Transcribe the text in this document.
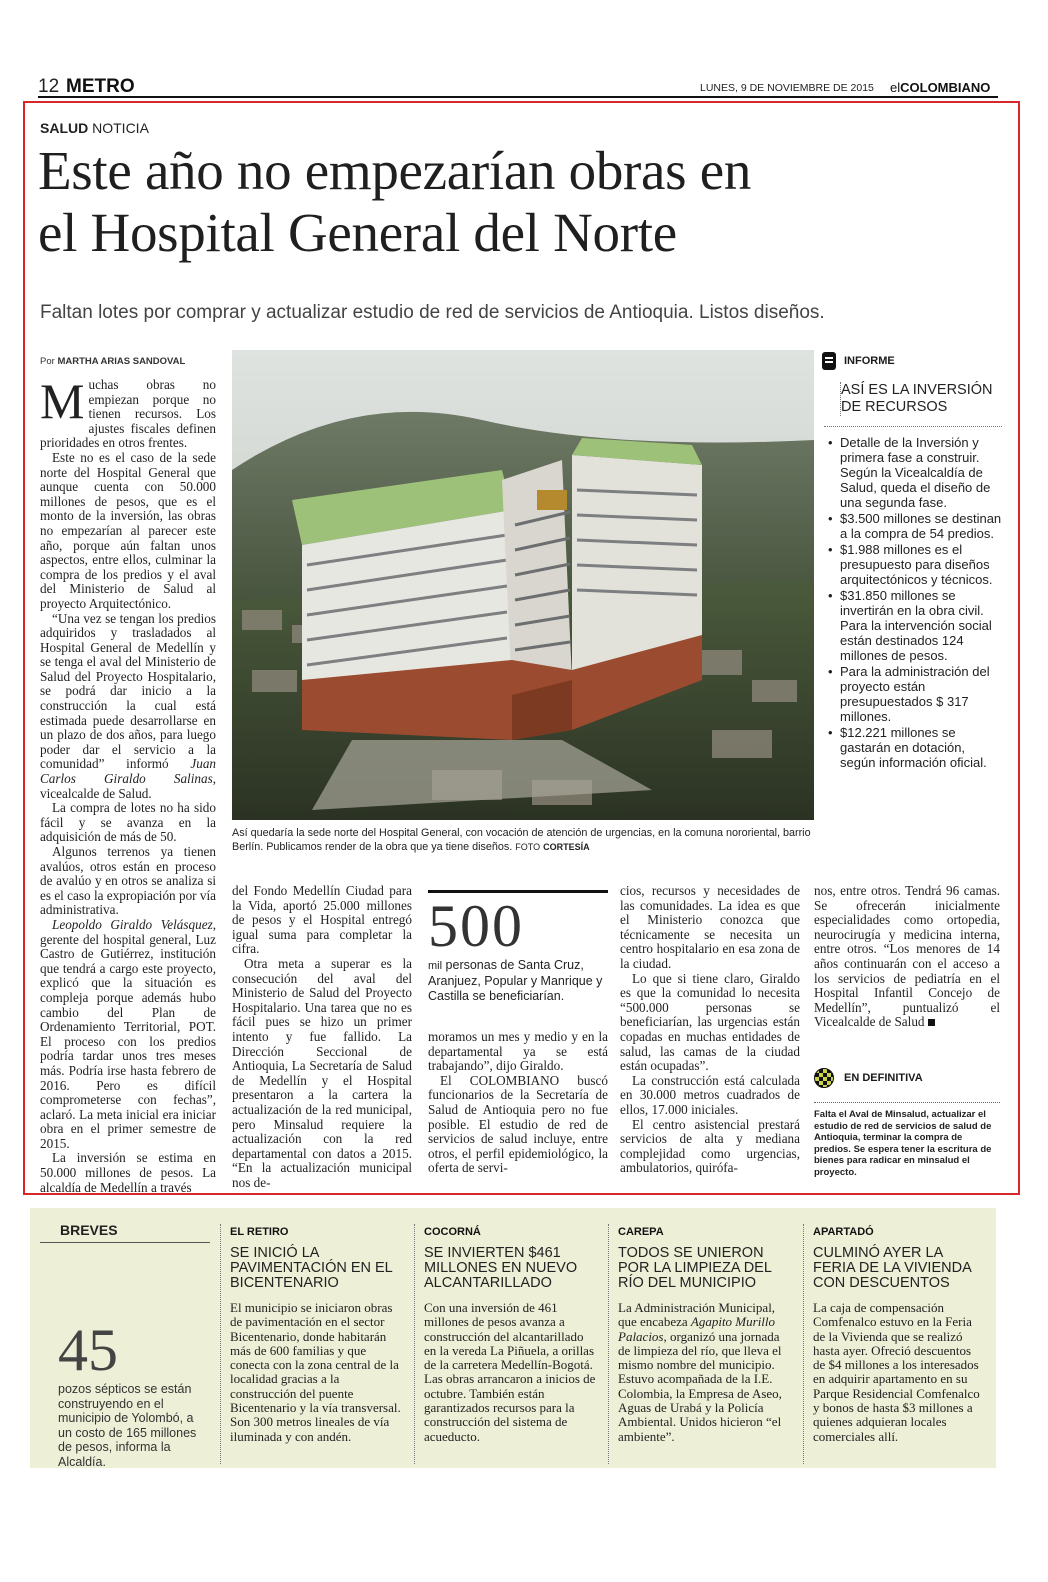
12 METRO	LUNES, 9 DE NOVIEMBRE DE 2015 elCOLOMBIANO
SALUD NOTICIA
Este año no empezarían obras en
el Hospital General del Norte
Faltan lotes por comprar y actualizar estudio de red de servicios de Antioquia. Listos diseños.
Por MARTHA ARIAS SANDOVAL

Muchas obras no empiezan porque no tienen recursos. Los ajustes fiscales definen prioridades en otros frentes.

Este no es el caso de la sede norte del Hospital General que aunque cuenta con 50.000 millones de pesos, que es el monto de la inversión, las obras no empezarían al parecer este año, porque aún faltan unos aspectos, entre ellos, culminar la compra de los predios y el aval del Ministerio de Salud al proyecto Arquitectónico.

“Una vez se tengan los predios adquiridos y trasladados al Hospital General de Medellín y se tenga el aval del Ministerio de Salud del Proyecto Hospitalario, se podrá dar inicio a la construcción la cual está estimada puede desarrollarse en un plazo de dos años, para luego poder dar el servicio a la comunidad” informó Juan Carlos Giraldo Salinas, vicealcalde de Salud.

La compra de lotes no ha sido fácil y se avanza en la adquisición de más de 50.

Algunos terrenos ya tienen avalúos, otros están en proceso de avalúo y en otros se analiza si es el caso la expropiación por vía administrativa.

Leopoldo Giraldo Velásquez, gerente del hospital general, Luz Castro de Gutiérrez, institución que tendrá a cargo este proyecto, explicó que la situación es compleja porque además hubo cambio del Plan de Ordenamiento Territorial, POT. El proceso con los predios podría tardar unos tres meses más. Podría irse hasta febrero de 2016. Pero es difícil comprometerse con fechas”, aclaró. La meta inicial era iniciar obra en el primer semestre de 2015.

La inversión se estima en 50.000 millones de pesos. La alcaldía de Medellín a través

Así quedaría la sede norte del Hospital General, con vocación de atención de urgencias, en la comuna nororiental, barrio Berlín. Publicamos render de la obra que ya tiene diseños. FOTO CORTESÍA
INFORME
ASÍ ES LA INVERSIÓN DE RECURSOS
• Detalle de la Inversión y primera fase a construir. Según la Vicealcaldía de Salud, queda el diseño de una segunda fase.
• $3.500 millones se destinan a la compra de 54 predios.
• $1.988 millones es el presupuesto para diseños arquitectónicos y técnicos.
• $31.850 millones se invertirán en la obra civil. Para la intervención social están destinados 124 millones de pesos.
• Para la administración del proyecto están presupuestados $ 317 millones.
• $12.221 millones se gastarán en dotación, según información oficial.
500
mil personas de Santa Cruz, Aranjuez, Popular y Manrique y Castilla se beneficiarían.

del Fondo Medellín Ciudad para la Vida, aportó 25.000 millones de pesos y el Hospital entregó igual suma para completar la cifra.

Otra meta a superar es la consecución del aval del Ministerio de Salud del Proyecto Hospitalario. Una tarea que no es fácil pues se hizo un primer intento y fue fallido. La Dirección Seccional de Antioquia, La Secretaría de Salud de Medellín y el Hospital presentaron a la cartera la actualización de la red municipal, pero Minsalud requiere la actualización con la red departamental con datos a 2015. “En la actualización municipal nos de-

moramos un mes y medio y en la departamental ya se está trabajando”, dijo Giraldo.

El COLOMBIANO buscó funcionarios de la Secretaría de Salud de Antioquia pero no fue posible. El estudio de red de servicios de salud incluye, entre otros, el perfil epidemiológico, la oferta de servi-

cios, recursos y necesidades de las comunidades. La idea es que el Ministerio conozca que técnicamente se necesita un centro hospitalario en esa zona de la ciudad.

Lo que si tiene claro, Giraldo es que la comunidad lo necesita “500.000 personas se beneficiarían, las urgencias están copadas en muchas entidades de salud, las camas de la ciudad están ocupadas”.

La construcción está calculada en 30.000 metros cuadrados de ellos, 17.000 iniciales.

El centro asistencial prestará servicios de alta y mediana complejidad como urgencias, ambulatorios, quirófa-

nos, entre otros. Tendrá 96 camas. Se ofrecerán inicialmente especialidades como ortopedia, neurocirugía y medicina interna, entre otros. “Los menores de 14 años continuarán con el acceso a los servicios de pediatría en el Hospital Infantil Concejo de Medellín”, puntualizó el Vicealcalde de Salud

EN DEFINITIVA
Falta el Aval de Minsalud, actualizar el estudio de red de servicios de salud de Antioquia, terminar la compra de predios. Se espera tener la escritura de bienes para radicar en minsalud el proyecto.
BREVES
45
pozos sépticos se están construyendo en el municipio de Yolombó, a un costo de 165 millones de pesos, informa la Alcaldía.
EL RETIRO
SE INICIÓ LA PAVIMENTACIÓN EN EL BICENTENARIO
El municipio se iniciaron obras de pavimentación en el sector Bicentenario, donde habitarán más de 600 familias y que conecta con la zona central de la localidad gracias a la construcción del puente Bicentenario y la vía transversal. Son 300 metros lineales de vía iluminada y con andén.
COCORNÁ
SE INVIERTEN $461 MILLONES EN NUEVO ALCANTARILLADO
Con una inversión de 461 millones de pesos avanza a construcción del alcantarillado en la vereda La Piñuela, a orillas de la carretera Medellín-Bogotá. Las obras arrancaron a inicios de octubre. También están garantizados recursos para la construcción del sistema de acueducto.
CAREPA
TODOS SE UNIERON POR LA LIMPIEZA DEL RÍO DEL MUNICIPIO
La Administración Municipal, que encabeza Agapito Murillo Palacios, organizó una jornada de limpieza del río, que lleva el mismo nombre del municipio. Estuvo acompañada de la I.E. Colombia, la Empresa de Aseo, Aguas de Urabá y la Policía Ambiental. Unidos hicieron “el ambiente”.
APARTADÓ
CULMINÓ AYER LA FERIA DE LA VIVIENDA CON DESCUENTOS
La caja de compensación Comfenalco estuvo en la Feria de la Vivienda que se realizó hasta ayer. Ofreció descuentos de $4 millones a los interesados en adquirir apartamento en su Parque Residencial Comfenalco y bonos de hasta $3 millones a quienes adquieran locales comerciales allí.
